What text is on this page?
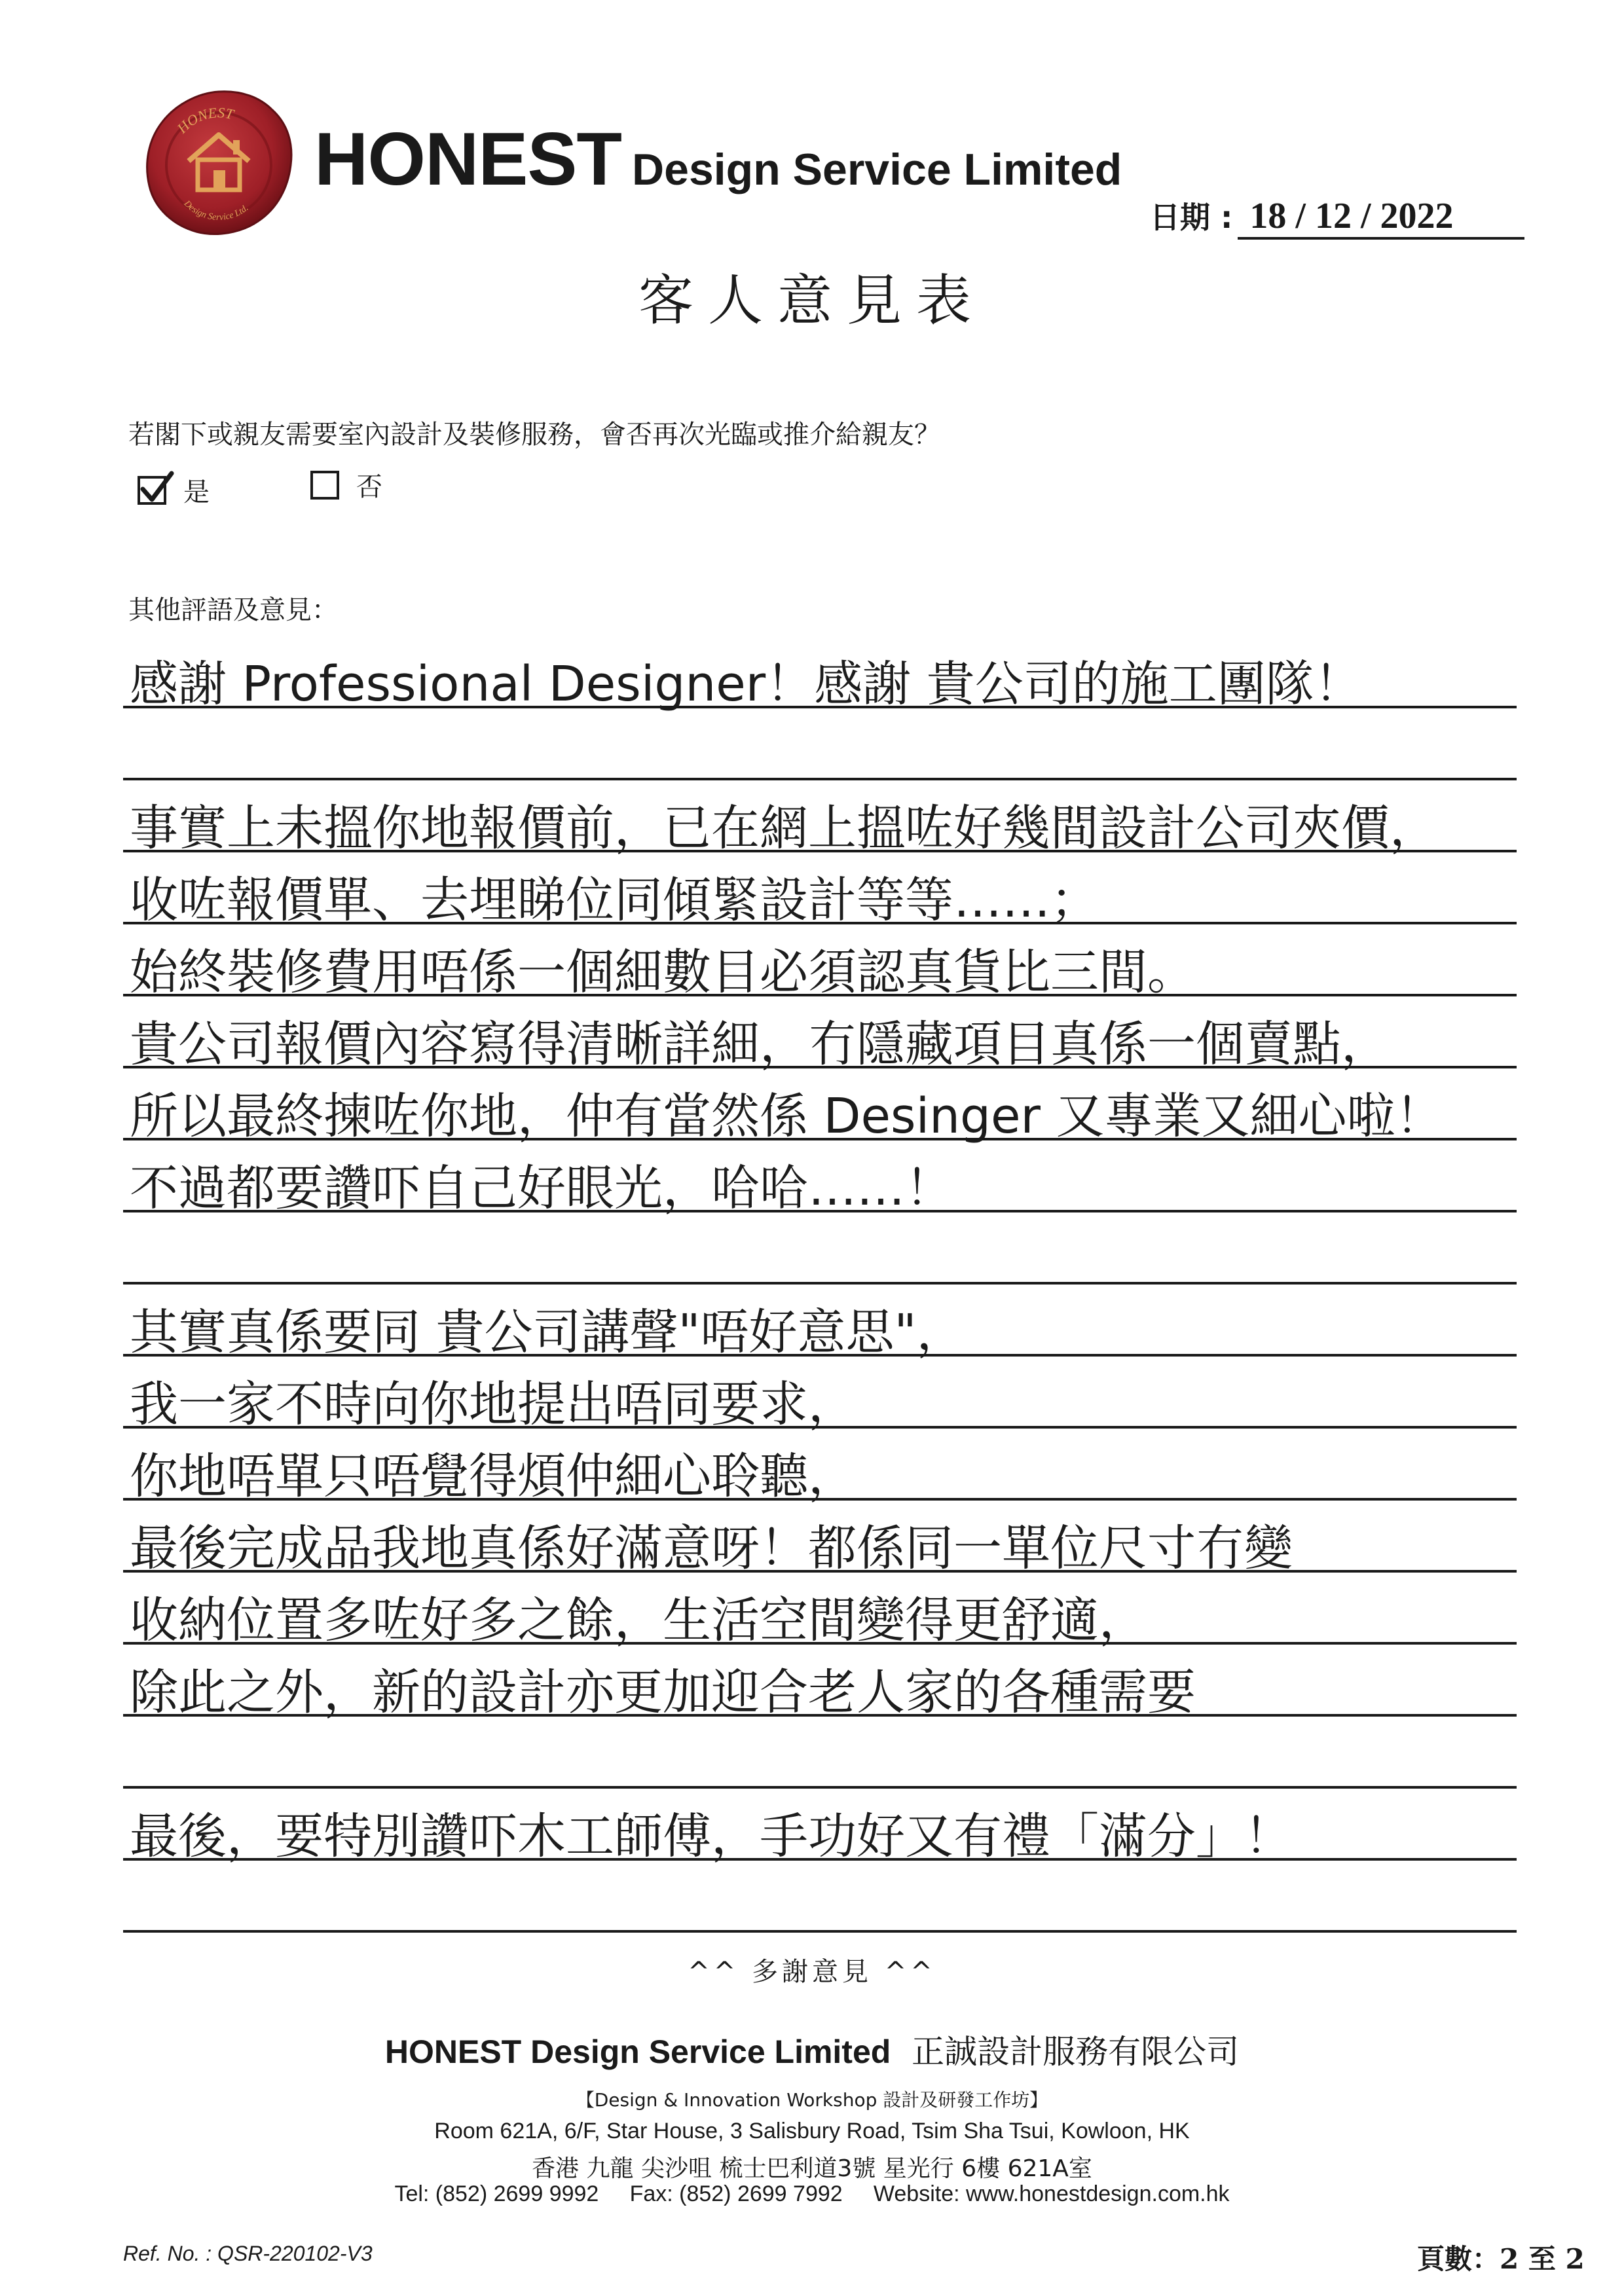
HONEST
Design Service Ltd.
HONEST Design Service Limited
日期 : 18 / 12 / 2022
客人意見表
若閣下或親友需要室內設計及裝修服務，會否再次光臨或推介給親友？
是	否
其他評語及意見：
感謝 Professional Designer！感謝 貴公司的施工團隊！
事實上未搵你地報價前，已在網上搵咗好幾間設計公司夾價，
收咗報價單、去埋睇位同傾緊設計等等……；
始終裝修費用唔係一個細數目必須認真貨比三間。
貴公司報價內容寫得清晰詳細，冇隱藏項目真係一個賣點，
所以最終揀咗你地，仲有當然係 Desinger 又專業又細心啦！
不過都要讚吓自己好眼光，哈哈……！
其實真係要同 貴公司講聲"唔好意思"，
我一家不時向你地提出唔同要求，
你地唔單只唔覺得煩仲細心聆聽，
最後完成品我地真係好滿意呀！都係同一單位尺寸冇變
收納位置多咗好多之餘，生活空間變得更舒適，
除此之外，新的設計亦更加迎合老人家的各種需要
最後，要特別讚吓木工師傅，手功好又有禮「滿分」！
^^ 多謝意見 ^^
HONEST Design Service Limited 正誠設計服務有限公司
【Design & Innovation Workshop 設計及研發工作坊】
Room 621A, 6/F, Star House, 3 Salisbury Road, Tsim Sha Tsui, Kowloon, HK
香港 九龍 尖沙咀 梳士巴利道3號 星光行 6樓 621A室
Tel: (852) 2699 9992     Fax: (852) 2699 7992     Website: www.honestdesign.com.hk
Ref. No. : QSR-220102-V3	頁數：2 至 2
